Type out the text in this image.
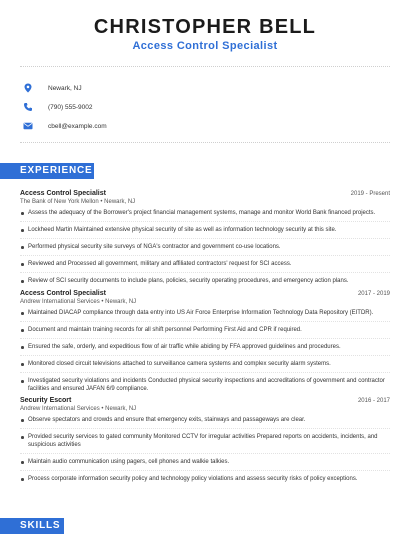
CHRISTOPHER BELL
Access Control Specialist
Newark, NJ
(790) 555-9002
cbell@example.com
EXPERIENCE
Access Control Specialist	2019 - Present
The Bank of New York Mellon • Newark, NJ
Assess the adequacy of the Borrower's project financial management systems, manage and monitor World Bank financed projects.
Lockheed Martin Maintained extensive physical security of site as well as information technology security at this site.
Performed physical security site surveys of NGA's contractor and government co-use locations.
Reviewed and Processed all government, military and affiliated contractors' request for SCI access.
Review of SCI security documents to include plans, policies, security operating procedures, and emergency action plans.
Access Control Specialist	2017 - 2019
Andrew International Services • Newark, NJ
Maintained DIACAP compliance through data entry into US Air Force Enterprise Information Technology Data Repository (EITDR).
Document and maintain training records for all shift personnel Performing First Aid and CPR if required.
Ensured the safe, orderly, and expeditious flow of air traffic while abiding by FFA approved guidelines and procedures.
Monitored closed circuit televisions attached to surveillance camera systems and complex security alarm systems.
Investigated security violations and incidents Conducted physical security inspections and accreditations of government and contractor facilities and ensured JAFAN 6/9 compliance.
Security Escort	2016 - 2017
Andrew International Services • Newark, NJ
Observe spectators and crowds and ensure that emergency exits, stairways and passageways are clear.
Provided security services to gated community Monitored CCTV for irregular activities Prepared reports on accidents, incidents, and suspicious activities
Maintain audio communication using pagers, cell phones and walkie talkies.
Process corporate information security policy and technology policy violations and assess security risks of policy exceptions.
SKILLS
